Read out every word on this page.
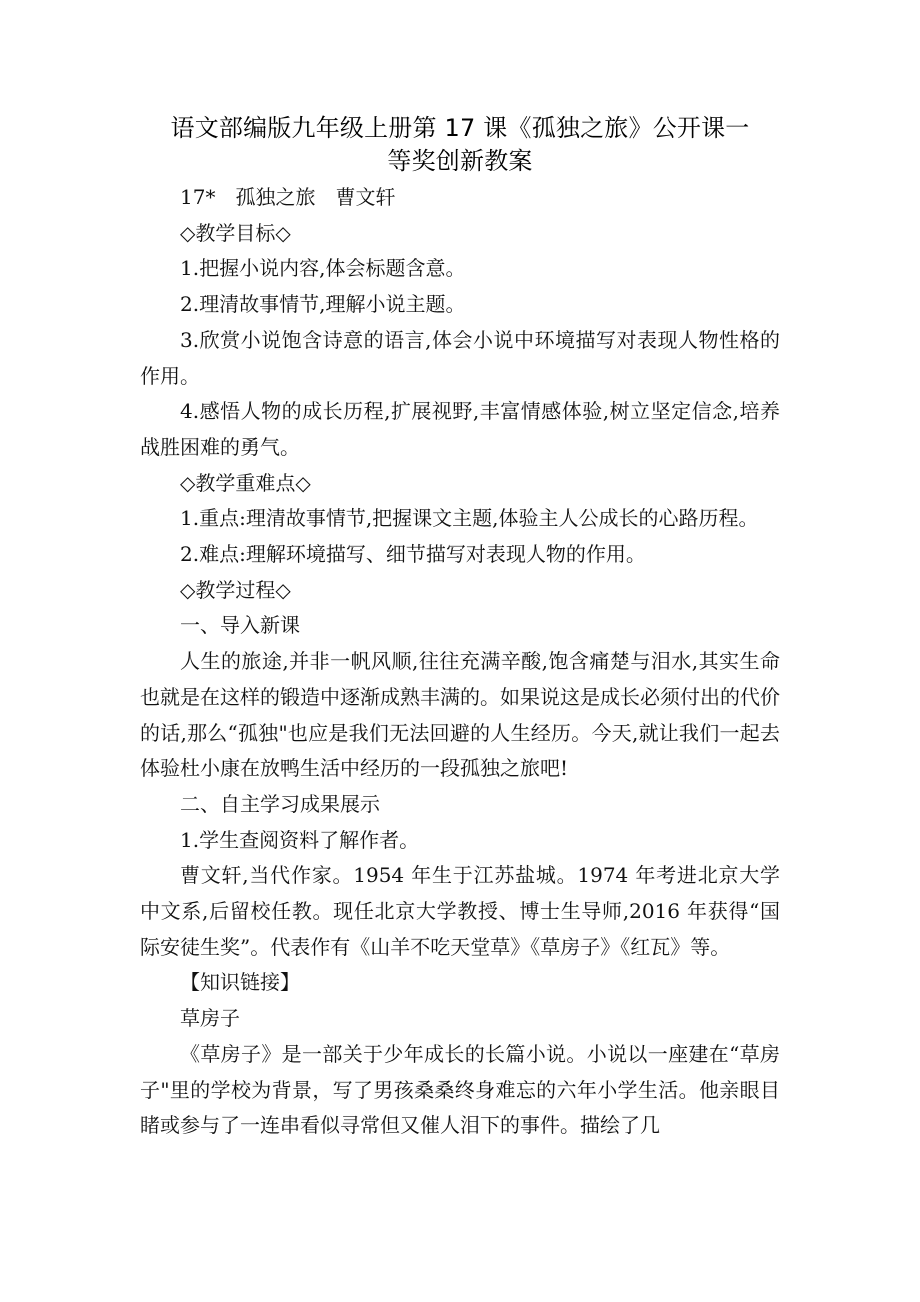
语文部编版九年级上册第 17 课《孤独之旅》公开课一
等奖创新教案

17*　孤独之旅　曹文轩

◇教学目标◇

1.把握小说内容,体会标题含意。

2.理清故事情节,理解小说主题。

3.欣赏小说饱含诗意的语言,体会小说中环境描写对表现人物性格的作用。

4.感悟人物的成长历程,扩展视野,丰富情感体验,树立坚定信念,培养战胜困难的勇气。

◇教学重难点◇

1.重点:理清故事情节,把握课文主题,体验主人公成长的心路历程。

2.难点:理解环境描写、细节描写对表现人物的作用。

◇教学过程◇

一、导入新课

人生的旅途,并非一帆风顺,往往充满辛酸,饱含痛楚与泪水,其实生命也就是在这样的锻造中逐渐成熟丰满的。如果说这是成长必须付出的代价的话,那么“孤独"也应是我们无法回避的人生经历。今天,就让我们一起去体验杜小康在放鸭生活中经历的一段孤独之旅吧!

二、自主学习成果展示

1.学生查阅资料了解作者。

曹文轩,当代作家。1954 年生于江苏盐城。1974 年考进北京大学中文系,后留校任教。现任北京大学教授、博士生导师,2016 年获得“国际安徒生奖”。代表作有《山羊不吃天堂草》《草房子》《红瓦》等。

【知识链接】

草房子

《草房子》是一部关于少年成长的长篇小说。小说以一座建在“草房子"里的学校为背景，写了男孩桑桑终身难忘的六年小学生活。他亲眼目睹或参与了一连串看似寻常但又催人泪下的事件。描绘了几
